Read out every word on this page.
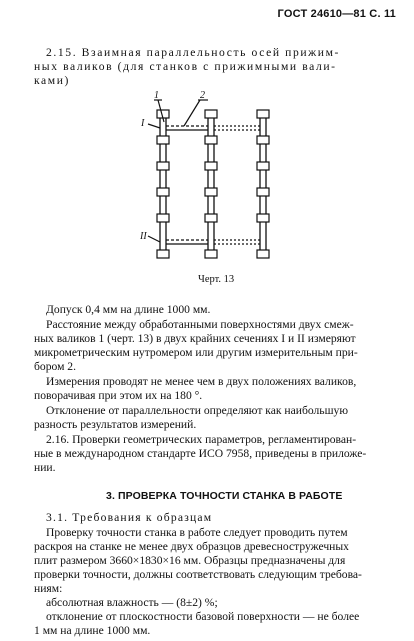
ГОСТ 24610—81 С. 11
2.15. Взаимная параллельность осей прижим-
ных валиков (для станков с прижимными вали-
ками)
1	2
I
II
Черт. 13
Допуск 0,4 мм на длине 1000 мм.
Расстояние между обработанными поверхностями двух смеж-
ных валиков 1 (черт. 13) в двух крайних сечениях I и II измеряют
микрометрическим нутромером или другим измерительным при-
бором 2.
Измерения проводят не менее чем в двух положениях валиков,
поворачивая при этом их на 180 °.
Отклонение от параллельности определяют как наибольшую
разность результатов измерений.
2.16. Проверки геометрических параметров, регламентирован-
ные в международном стандарте ИСО 7958, приведены в приложе-
нии.
3. ПРОВЕРКА ТОЧНОСТИ СТАНКА В РАБОТЕ
3.1. Требования к образцам
Проверку точности станка в работе следует проводить путем
раскроя на станке не менее двух образцов древесностружечных
плит размером 3660×1830×16 мм. Образцы предназначены для
проверки точности, должны соответствовать следующим требова-
ниям:
абсолютная влажность — (8±2) %;
отклонение от плоскостности базовой поверхности — не более
1 мм на длине 1000 мм.
